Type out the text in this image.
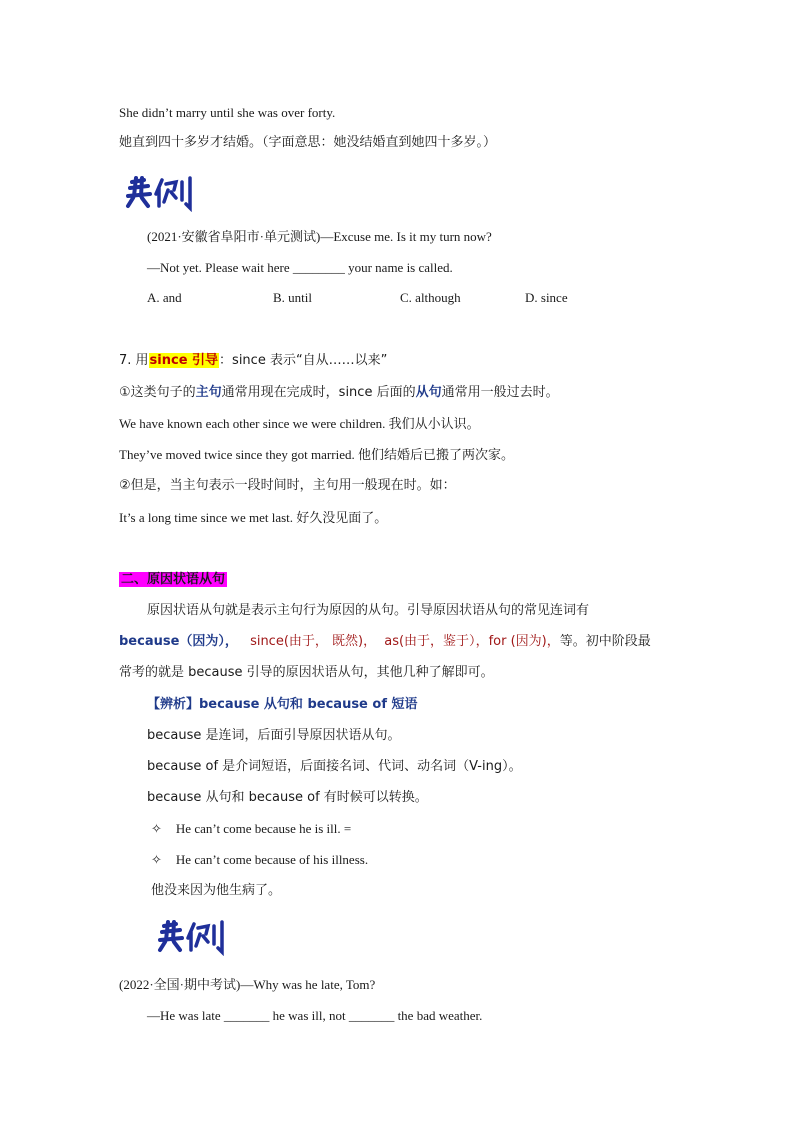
She didn’t marry until she was over forty.
她直到四十多岁才结婚。（字面意思：她没结婚直到她四十多岁。）
(2021·安徽省阜阳市·单元测试)—Excuse me. Is it my turn now?
—Not yet. Please wait here ________ your name is called.
A. and	B. until	C. although	D. since
7. 用since 引导：since 表示“自从……以来”
①这类句子的主句通常用现在完成时，since 后面的从句通常用一般过去时。
We have known each other since we were children. 我们从小认识。
They’ve moved twice since they got married. 他们结婚后已搬了两次家。
②但是，当主句表示一段时间时，主句用一般现在时。如：
It’s a long time since we met last. 好久没见面了。
二、原因状语从句
原因状语从句就是表示主句行为原因的从句。引导原因状语从句的常见连词有
because（因为）， since(由于， 既然)， as(由于，鉴于），for (因为)，等。初中阶段最
常考的就是 because 引导的原因状语从句，其他几种了解即可。
【辨析】because 从句和 because of 短语
because 是连词，后面引导原因状语从句。
because of 是介词短语，后面接名词、代词、动名词（V-ing）。
because 从句和 because of 有时候可以转换。
✧ He can’t come because he is ill. =
✧ He can’t come because of his illness.
他没来因为他生病了。
(2022·全国·期中考试)—Why was he late, Tom?
—He was late _______ he was ill, not _______ the bad weather.
